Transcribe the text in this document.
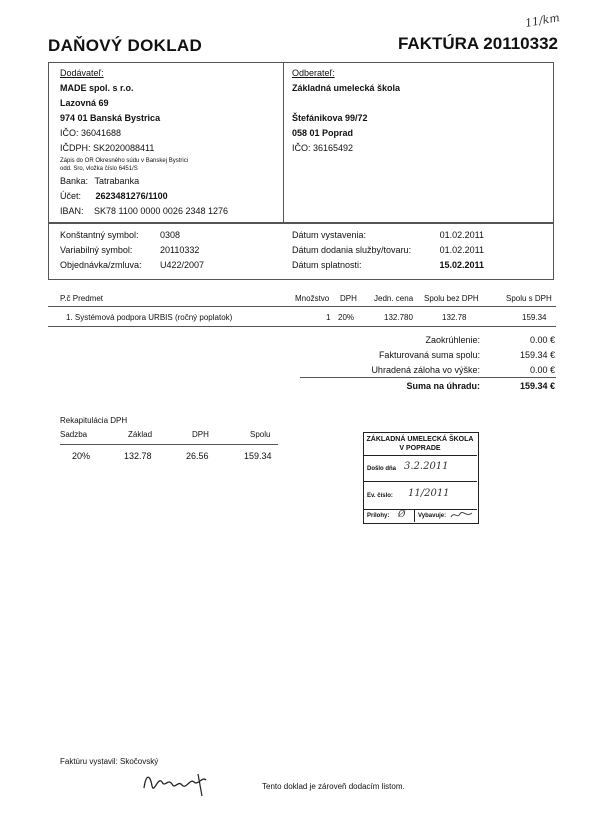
DAŇOVÝ DOKLAD	FAKTÚRA 20110332
11/km
Dodávateľ:
MADE spol. s r.o.
Lazovná 69
974 01 Banská Bystrica
IČO: 36041688
IČDPH: SK2020088411
Zápis do OR Okresného súdu v Banskej Bystrici
odd. Sro, vložka číslo 6451/S
Banka: Tatrabanka
Účet: 2623481276/1100
IBAN: SK78 1100 0000 0026 2348 1276
Odberateľ:
Základná umelecká škola
Štefánikova 99/72
058 01 Poprad
IČO: 36165492
Konštantný symbol: 0308
Variabilný symbol:	20110332
Objednávka/zmluva: U422/2007
Dátum vystavenia:	01.02.2011
Dátum dodania služby/tovaru:	01.02.2011
Dátum splatnosti:	15.02.2011
P.č Predmet	Množstvo DPH Jedn. cena Spolu bez DPH	Spolu s DPH
1. Systémová podpora URBIS (ročný poplatok)	1 20%	132.780	132.78	159.34
Zaokrúhlenie:	0.00 €
Fakturovaná suma spolu:	159.34 €
Uhradená záloha vo výške:	0.00 €
Suma na úhradu:	159.34 €
Rekapitulácia DPH
Sadzba	Základ	DPH	Spolu
20%	132.78	26.56	159.34
ZÁKLADNÁ UMELECKÁ ŠKOLA
V POPRADE
Došlo dňa 3.2.2011
Ev. číslo: 11/2011
Prílohy: Ø Vybavuje:
Faktúru vystavil: Skočovský
Tento doklad je zároveň dodacím listom.
